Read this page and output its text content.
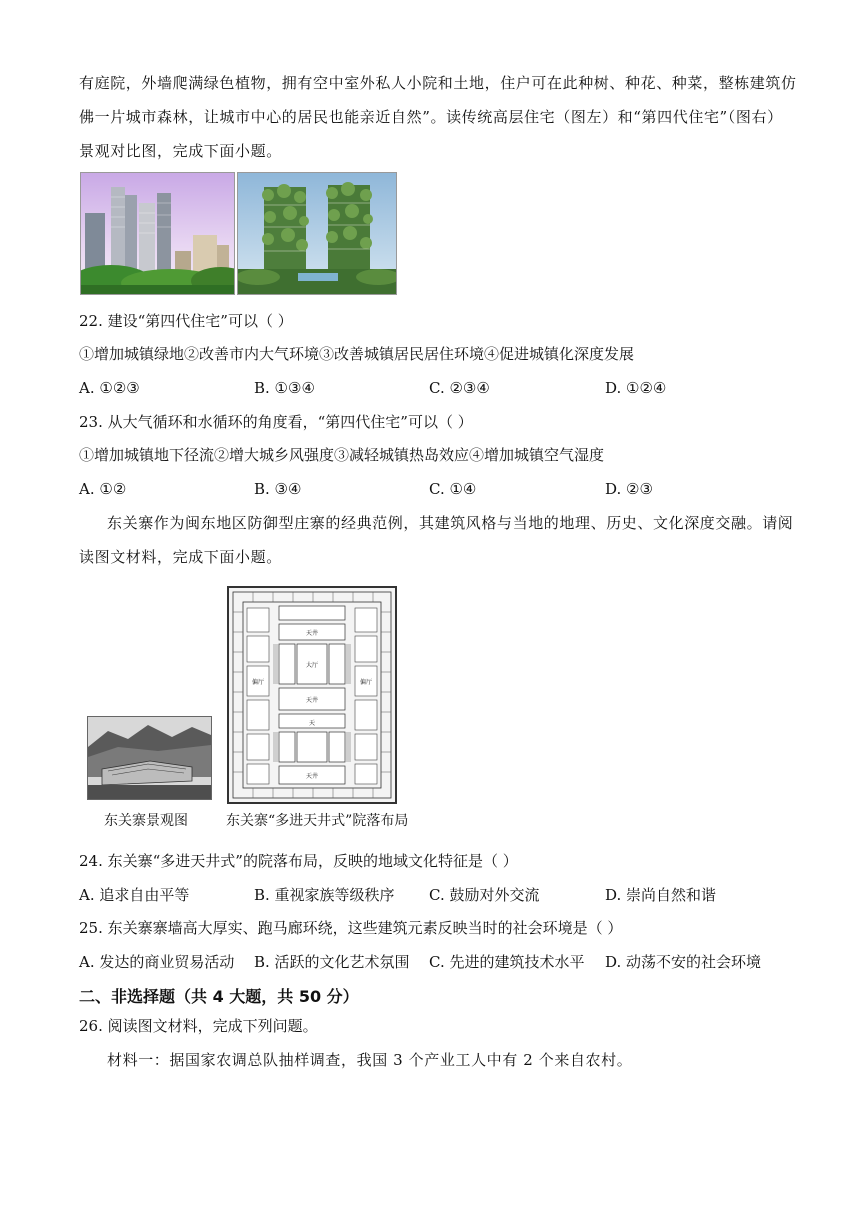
有庭院，外墙爬满绿色植物，拥有空中室外私人小院和土地，住户可在此种树、种花、种菜，整栋建筑仿
佛一片城市森林，让城市中心的居民也能亲近自然”。读传统高层住宅（图左）和“第四代住宅”（图右）
景观对比图，完成下面小题。
22. 建设“第四代住宅”可以（ ）
①增加城镇绿地②改善市内大气环境③改善城镇居民居住环境④促进城镇化深度发展
A. ①②③	B. ①③④	C. ②③④	D. ①②④
23. 从大气循环和水循环的角度看，“第四代住宅”可以（ ）
①增加城镇地下径流②增大城乡风强度③减轻城镇热岛效应④增加城镇空气湿度
A. ①②	B. ③④	C. ①④	D. ②③
东关寨作为闽东地区防御型庄寨的经典范例，其建筑风格与当地的地理、历史、文化深度交融。请阅
读图文材料，完成下面小题。
天井
大厅
天井
天
天井
偏厅	偏厅
东关寨景观图	东关寨“多进天井式”院落布局
24. 东关寨“多进天井式”的院落布局，反映的地域文化特征是（ ）
A. 追求自由平等	B. 重视家族等级秩序 C. 鼓励对外交流	D. 崇尚自然和谐
25. 东关寨寨墙高大厚实、跑马廊环绕，这些建筑元素反映当时的社会环境是（ ）
A. 发达的商业贸易活动 B. 活跃的文化艺术氛围 C. 先进的建筑技术水平 D. 动荡不安的社会环境
二、非选择题（共 4 大题，共 50 分）
26. 阅读图文材料，完成下列问题。
材料一：据国家农调总队抽样调查，我国 3 个产业工人中有 2 个来自农村。
